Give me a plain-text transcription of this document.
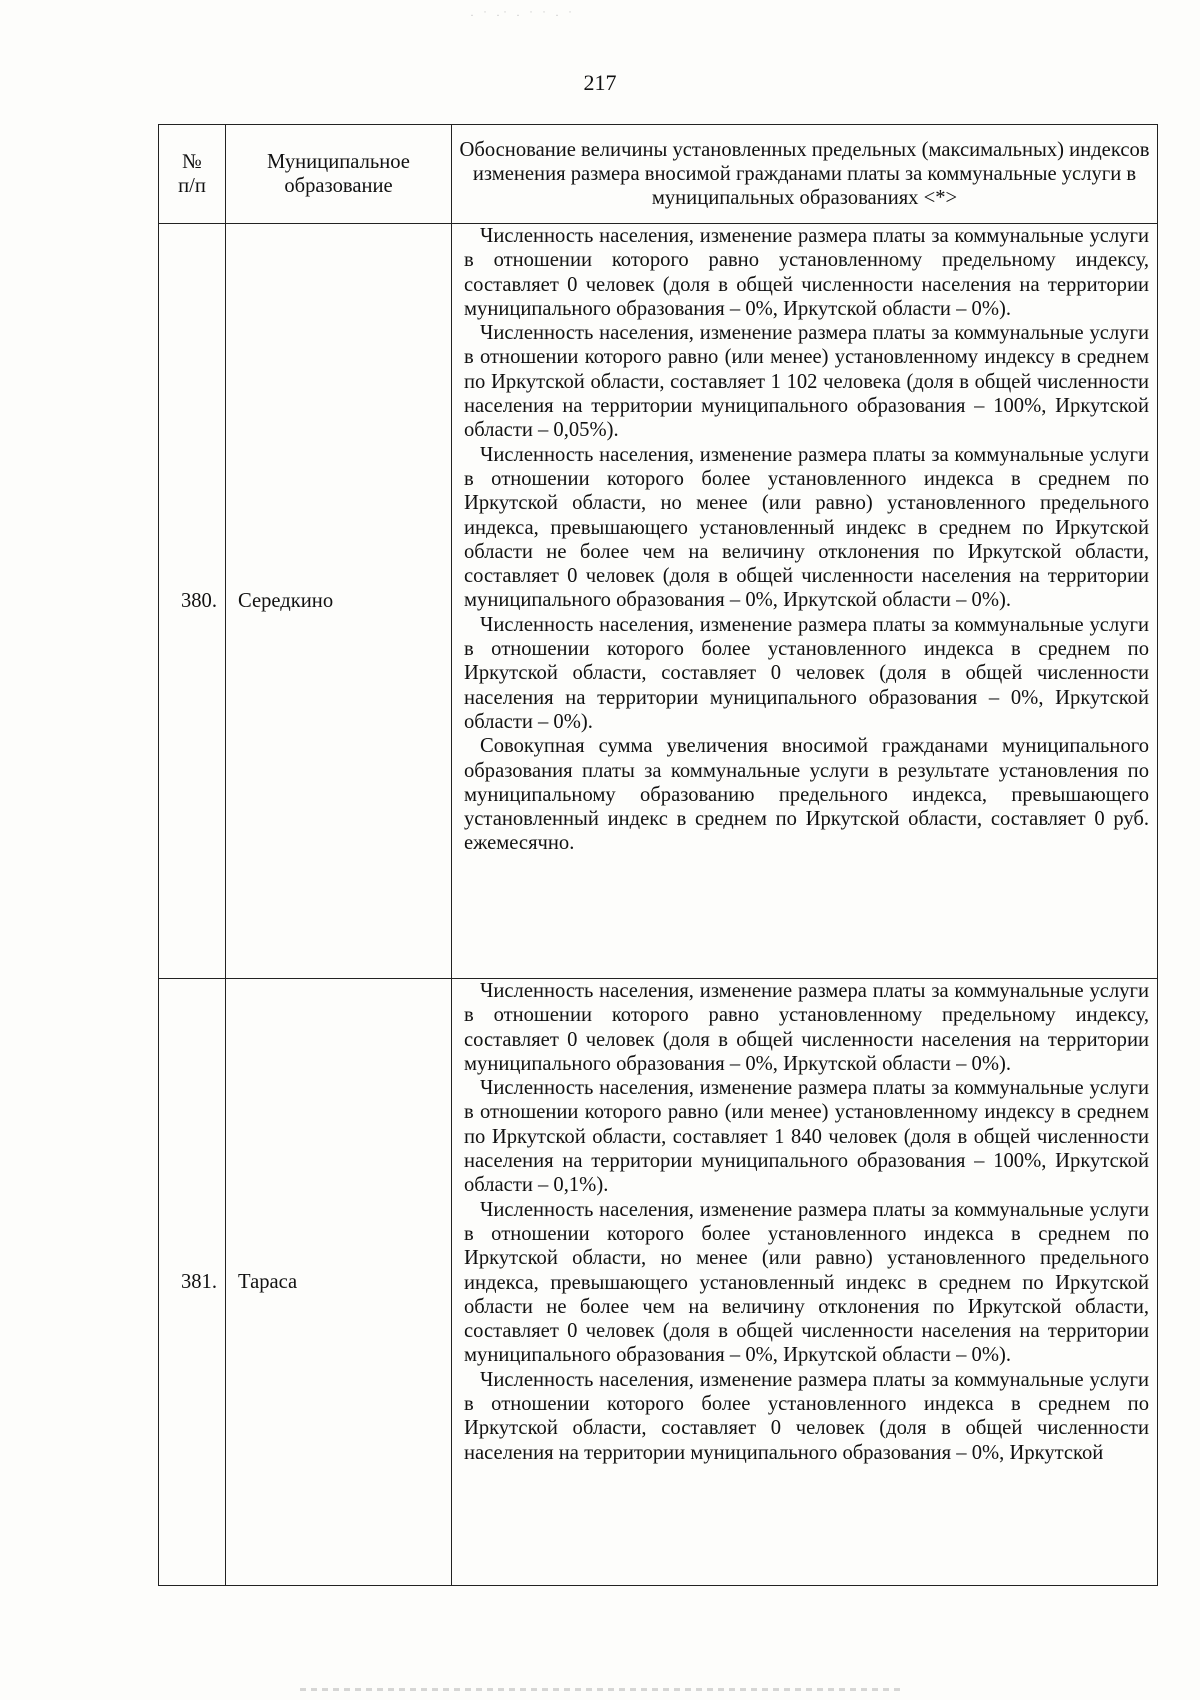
· ˙ ·˙ · ˙ ˙ · ˙
217
№ п/п	Муниципальное образование	Обоснование величины установленных предельных (максимальных) индексов изменения размера вносимой гражданами платы за коммунальные услуги в муниципальных образованиях <*>

380.	Середкино	Численность населения, изменение размера платы за коммунальные услуги в отношении которого равно установленному предельному индексу, составляет 0 человек (доля в общей численности населения на территории муниципального образования – 0%, Иркутской области – 0%).

Численность населения, изменение размера платы за коммунальные услуги в отношении которого равно (или менее) установленному индексу в среднем по Иркутской области, составляет 1 102 человека (доля в общей численности населения на территории муниципального образования – 100%, Иркутской области – 0,05%).

Численность населения, изменение размера платы за коммунальные услуги в отношении которого более установленного индекса в среднем по Иркутской области, но менее (или равно) установленного предельного индекса, превышающего установленный индекс в среднем по Иркутской области не более чем на величину отклонения по Иркутской области, составляет 0 человек (доля в общей численности населения на территории муниципального образования – 0%, Иркутской области – 0%).

Численность населения, изменение размера платы за коммунальные услуги в отношении которого более установленного индекса в среднем по Иркутской области, составляет 0 человек (доля в общей численности населения на территории муниципального образования – 0%, Иркутской области – 0%).

Совокупная сумма увеличения вносимой гражданами муниципального образования платы за коммунальные услуги в результате установления по муниципальному образованию предельного индекса, превышающего установленный индекс в среднем по Иркутской области, составляет 0 руб. ежемесячно.

381.	Тараса	Численность населения, изменение размера платы за коммунальные услуги в отношении которого равно установленному предельному индексу, составляет 0 человек (доля в общей численности населения на территории муниципального образования – 0%, Иркутской области – 0%).

Численность населения, изменение размера платы за коммунальные услуги в отношении которого равно (или менее) установленному индексу в среднем по Иркутской области, составляет 1 840 человек (доля в общей численности населения на территории муниципального образования – 100%, Иркутской области – 0,1%).

Численность населения, изменение размера платы за коммунальные услуги в отношении которого более установленного индекса в среднем по Иркутской области, но менее (или равно) установленного предельного индекса, превышающего установленный индекс в среднем по Иркутской области не более чем на величину отклонения по Иркутской области, составляет 0 человек (доля в общей численности населения на территории муниципального образования – 0%, Иркутской области – 0%).

Численность населения, изменение размера платы за коммунальные услуги в отношении которого более установленного индекса в среднем по Иркутской области, составляет 0 человек (доля в общей численности населения на территории муниципального образования – 0%, Иркутской
